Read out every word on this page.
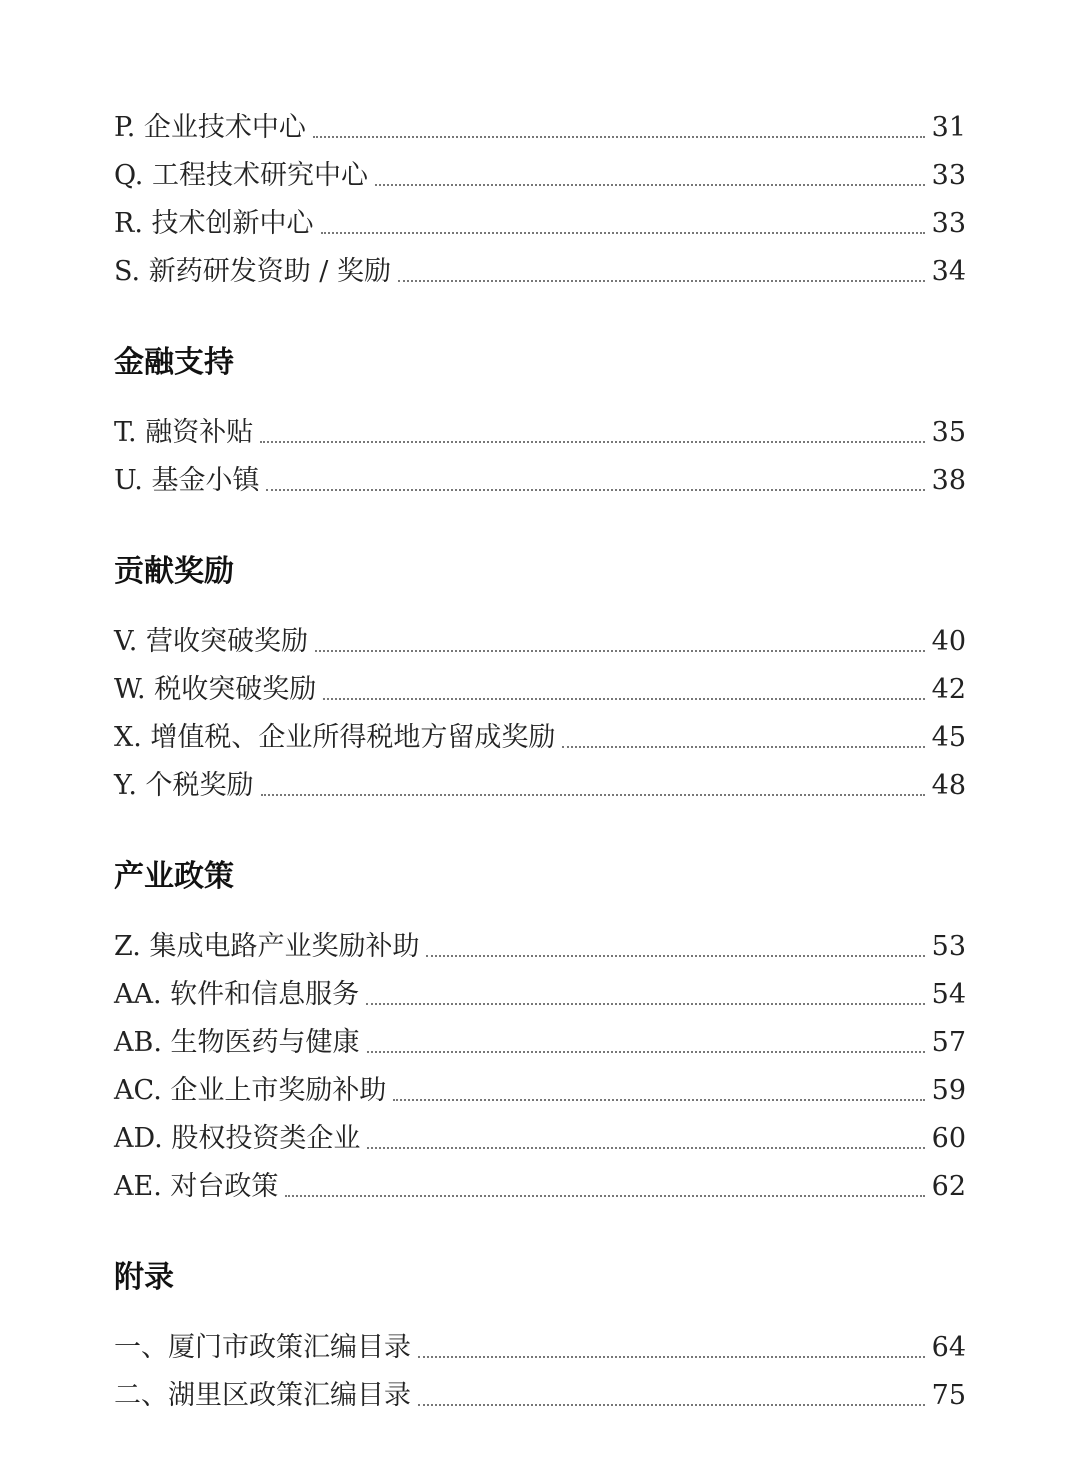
P. 企业技术中心	31
Q. 工程技术研究中心	33
R. 技术创新中心	33
S. 新药研发资助 / 奖励	34
金融支持
T. 融资补贴	35
U. 基金小镇	38
贡献奖励
V. 营收突破奖励	40
W. 税收突破奖励	42
X. 增值税、企业所得税地方留成奖励	45
Y. 个税奖励	48
产业政策
Z. 集成电路产业奖励补助	53
AA. 软件和信息服务	54
AB. 生物医药与健康	57
AC. 企业上市奖励补助	59
AD. 股权投资类企业	60
AE. 对台政策	62
附录
一、厦门市政策汇编目录	64
二、湖里区政策汇编目录	75
